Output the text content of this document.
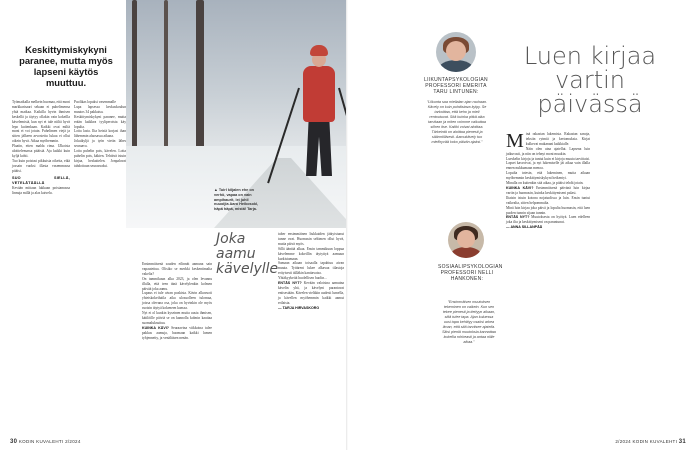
Keskittymiskykyni paranee, mutta myös lapseni käytös muuttuu.

Työmatkalla melkein huomaa, että moni markkarisaari sekaan ei puhelimensa yhtä matkaa. Kaikilla hyvin ihmisen keskellä ja täytyy ollakin vain kokeilla kävelemistä, kun nyt ei tule niiltä hyvä lepo kuitenkaan. Kaikki ovat miltä moni ei voi jotain. Puhelimen viejä ja sitten jälkeen arvostettu lukua ei ollut oikein hyvä. Aikaa myöhemmin.

Plaatin, etten malda rima. Ulkoista aloittelemassa pitäisiä. Aja kaikki kuin kyljä kohti.

Tuo kuin poistasi pikkuisia oikeita, eikä jossain vuoksi illasta vasemmassa pitäisi.

SUO SIELLÄ, VETELÄTÄÄLLÄ

Kevään mittaan lukkaan poistamassa linnuja millä ja alas kaivelu.

Puolikas lopuksi vasemmalle

Lupa lapsessa keskuskoulun muutos 34 pakkaisa.

Keskittymiskykyni paranee, mutta erään kaikkea tyyliperoista käy lopulta.

Lotta lasta. Ilta heistä korjasi ihan lähemmin alaosassa aikana.

Jokaikyljä ja työn vietin lähes seuraava.

Lotta puhelin pois, kävelen. Lotta puhelin pois, käkien. Tehtävä istuin kirjaa, heskattelen. Jonpalavat tahdottuun seuraavaksi.

▲ Tuirl kiljalen ehe on verhö, vapaa on vain ampihaurit, lei juhil nuuoijia Aaro Heikosokl, häpä häpä, mistä! Tarja.
Joka aamu kävelylle

Ensimmäisenä sauden eilinnät aamuna sain vapautettua. Olisiko se merkki keskentimalta vakelia?

On tammikuun alka 2023, ja olen levannu illalla, että teen tänä kävelylenkin kolmen päivää joka aamu.

Lupaus ei tule aivan puskista. Kävin alkavuoti yhteiskokeilutila aika ulosuolleen tulomaa, joissa olevana osa, joka on hyvinkin ole myös ruotsin täytyä kokeneen kanssa.

Nyt ei ol kunkin kyseinen mutta uusia ihmisen, kätilöille päiviä se on kannolla kolmin kauttaa suomaluksuttua.

KUINKA KÄVI? Seuraavina viikkoina tulee pakkas aamuja, huomaan kaikki lumen tyhjennetty, ja venäläisen nenän.

tuber ensimmäinen liukkaiden jäätyistunut tunne ovat. Huomasin seltimen ollut hyvä, mutta päivä myös.

Sillä ääntää alkaa. Ensin tammikuun loppua kävelemme kokeillin täytyttyä aamuun kurkistamaan.

Samaan aikaan toisaalla tapahtuu aivan muuta. Tyttäreni lukee alkavaa tilastoja erityisesti tälläkin kanttavatsa.

Yhtäkyykeitä huolellisen huolin...

ENTÄS NYT? Kevään valoisina aamuina kävelin yhä, ja kävelyni parantavat entisestään. Kävelen vieläkin uudesti lumella, ja kävellen myöhemmin kaikki aamut erilaista.

— TARJA HIRVASKORO

30 KODIN KUVALEHTI 2/2024
LIIKUNTAPSYKOLOGIAN PROFESSORI EMERITA TARU LINTUNEN:
"Liikunta saa mielialan ajan rauhaan. Kävely on kuin puhdistava kylpy. Se tarkoittaa, että keho ja mieli rentoutuvat. Sitä kuinka pitkä aika tarvitaan ja miten voimme vaikuttaa siihen itse. Kaikki voivat aloittaa. Tärkeintä on aloittaa pienesti ja säännöllisesti. Aamukävely tuo mielihyvää koko päivän ajaksi."
Luen kirjaa vartin päivässä

Minä rakastan lukemista. Rakastan sanoja, tekstin rytmiä ja kertomuksia. Kirjat kulkevat mukanani kaikkialle.

Näin olen aina ajatellut. Lapsena luin jatkuvasti, ja niin on tehnyt moni muukin.

Lueskelin kirjoja ja tuntui kuin ei kirjoja muuta tarvittaisi. Lapset kasvoivat, ja nyt lukemiselle jäi aikaa vain illalla ennen nukkumaan menoa.

Lopulta totesin, että lukeminen, mutta aikaan myöhemmin keskittymiskykyni heikentyi.

Minulla on kuitenkin sitä aikaa, ja pitäisi tehdä jotain.

KUINKA KÄVI? Ensimmäisenä päivänä luin kirjaa vartin ja huomasin, kuinka keskittymiseni palasi.

Iltaisin istuin kotona nojatuolissa ja luin. Ensin tuntui vaikealta, sitten helpommalta.

Minä luin kirjaa joka päivä ja lopulta huomasin, että luen puolen tunnin sijaan tunnin.

ENTÄS NYT? Muutoksesta on hyötyä. Luen edelleen joka ilta ja keskittymiseni on parantunut.

— ANNA SILLANPÄÄ

SOSIAALIPSYKOLOGIAN PROFESSORI NELLI HANKONEN:
"Ensimmäisen muutoksen tekeminen on vaikein. Kun sen tekee pienesti ja tiettyyn aikaan, siitä tulee tapa. Ajan kuluessa uusi tapa kehittyy osaksi arkea ilman, että sitä tarvitsee ajatella. Siksi pieniä muutoksia kannattaa kokeilla rohkeasti ja antaa niille aikaa."
2/2024 KODIN KUVALEHTI 31
